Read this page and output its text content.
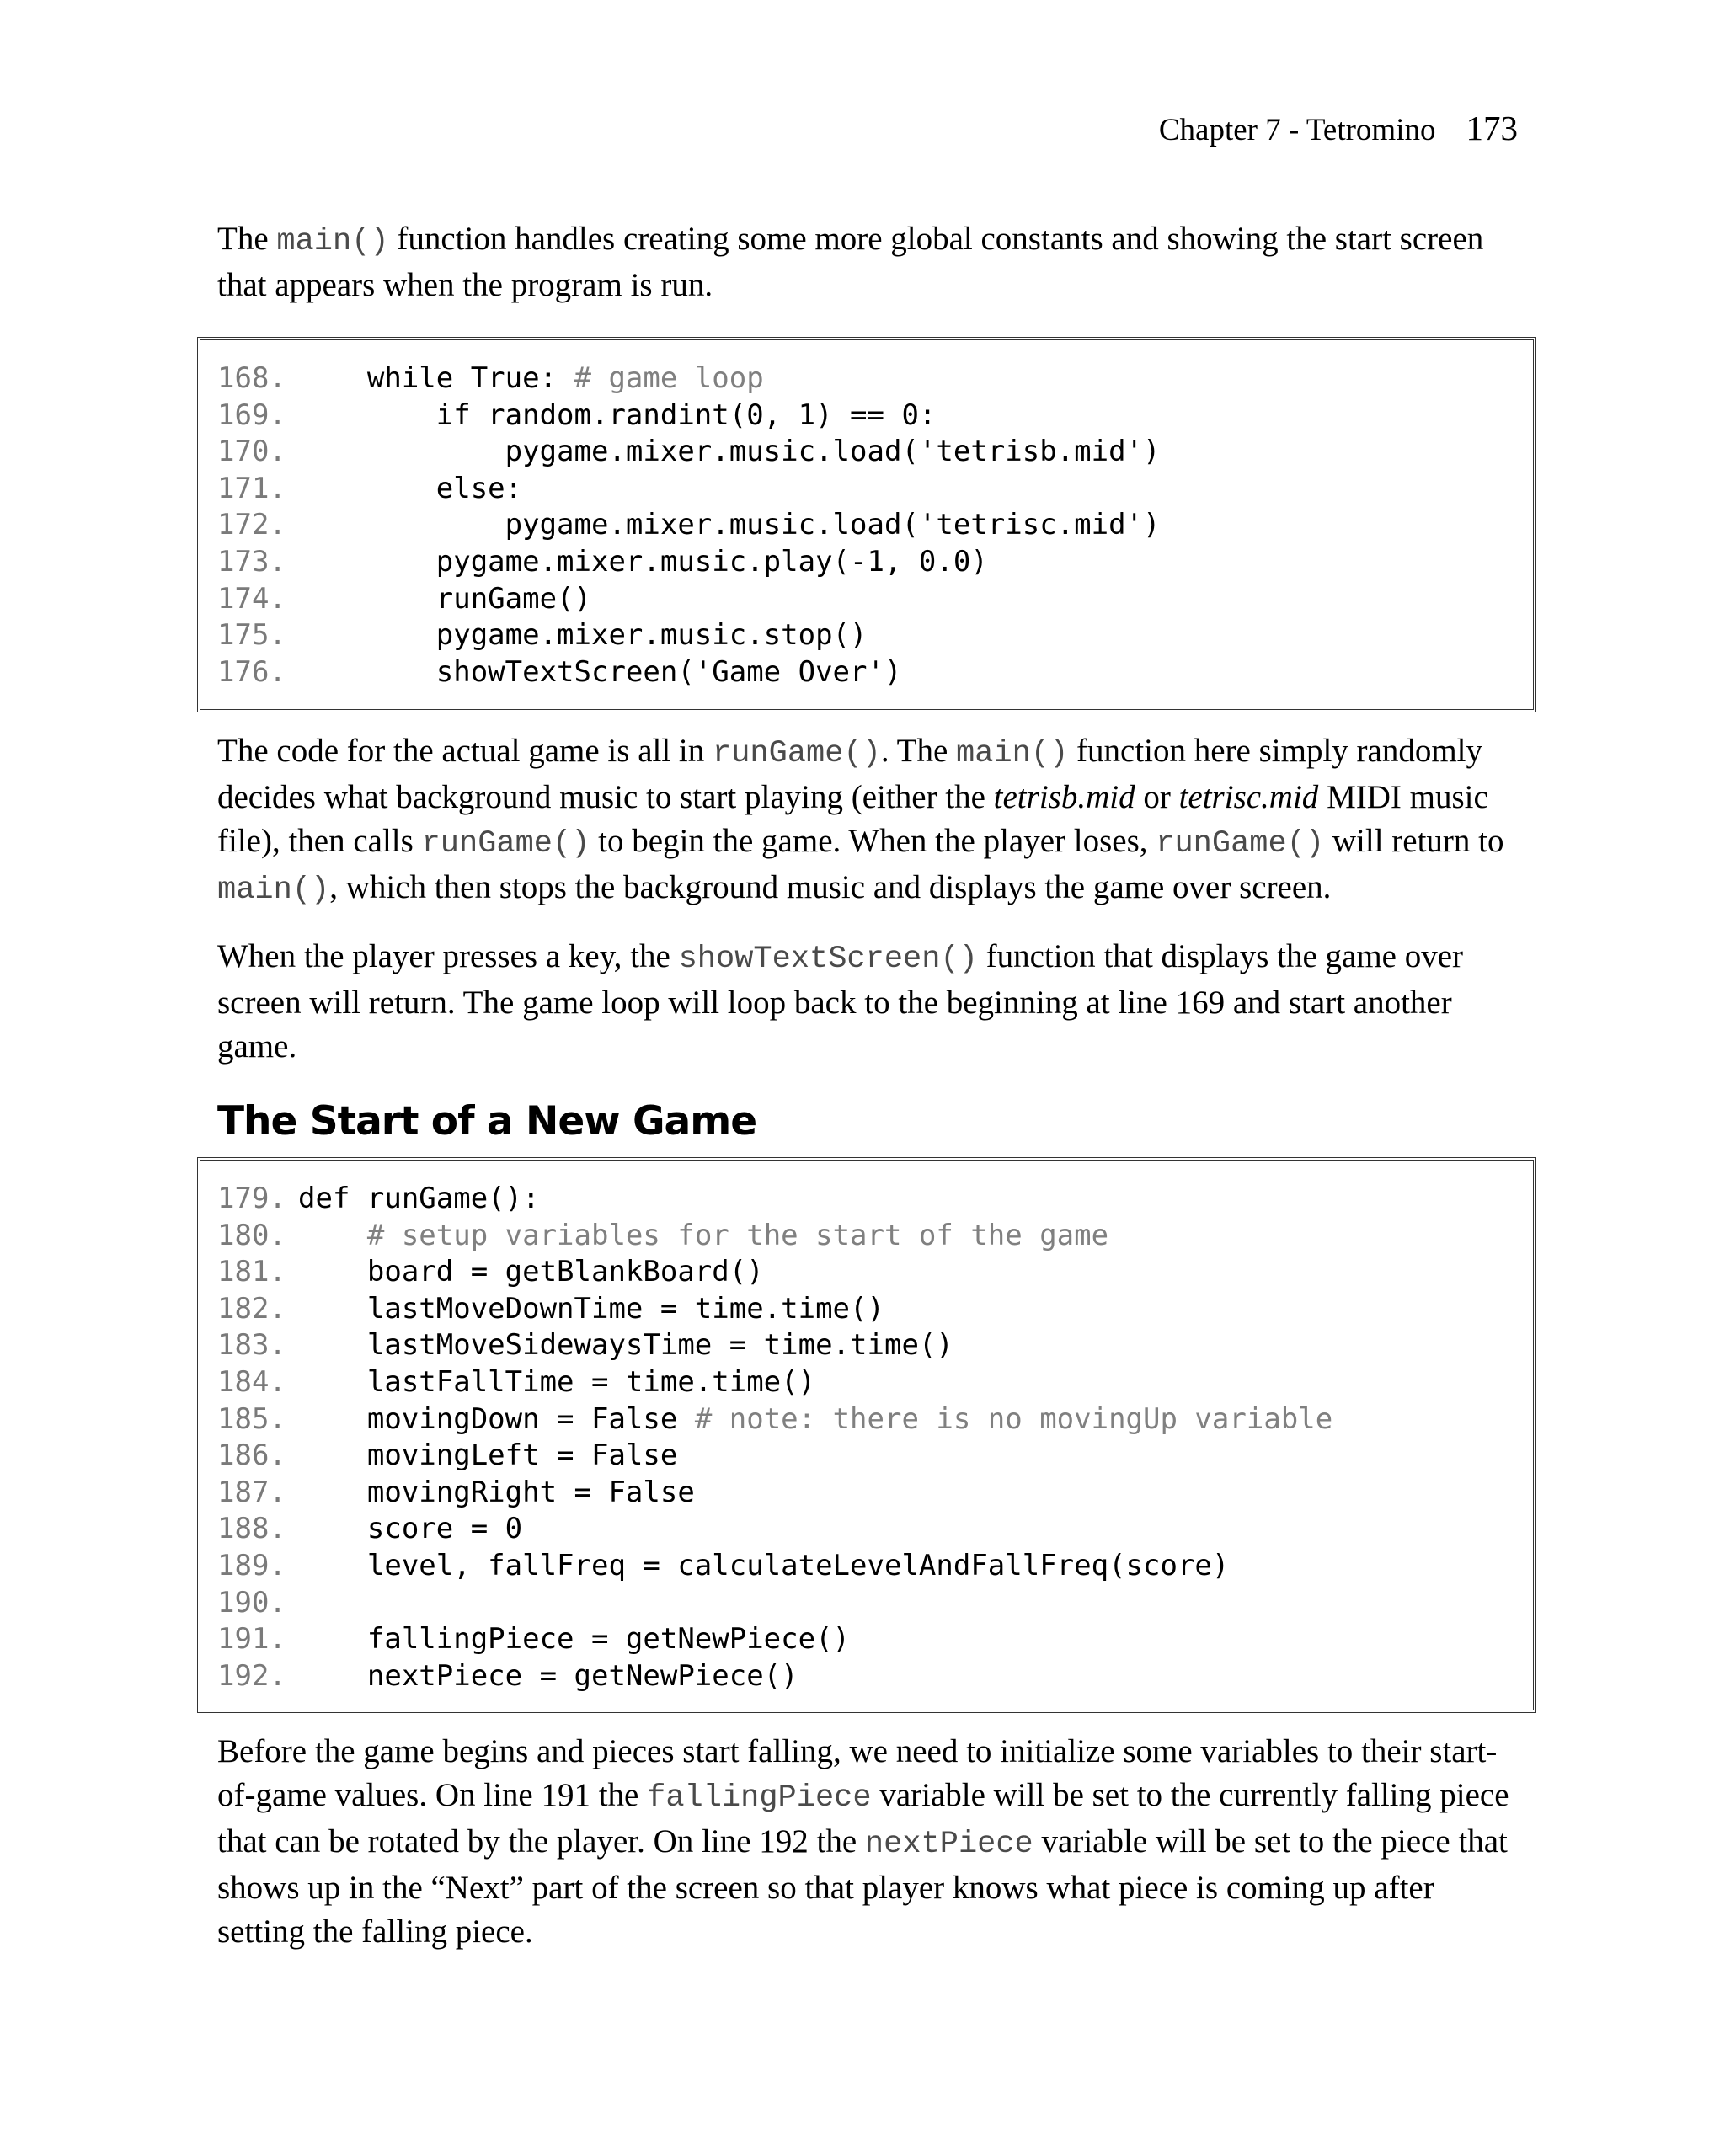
Chapter 7 - Tetromino 173

The main() function handles creating some more global constants and showing the start screen that appears when the program is run.

168. while True: # game loop
169. if random.randint(0, 1) == 0:
170. pygame.mixer.music.load('tetrisb.mid')
171. else:
172. pygame.mixer.music.load('tetrisc.mid')
173. pygame.mixer.music.play(-1, 0.0)
174. runGame()
175. pygame.mixer.music.stop()
176. showTextScreen('Game Over')

The code for the actual game is all in runGame(). The main() function here simply randomly decides what background music to start playing (either the tetrisb.mid or tetrisc.mid MIDI music file), then calls runGame() to begin the game. When the player loses, runGame() will return to main(), which then stops the background music and displays the game over screen.

When the player presses a key, the showTextScreen() function that displays the game over screen will return. The game loop will loop back to the beginning at line 169 and start another game.

The Start of a New Game
179. def runGame():
180.	# setup variables for the start of the game
181. board = getBlankBoard()
182. lastMoveDownTime = time.time()
183. lastMoveSidewaysTime = time.time()
184. lastFallTime = time.time()
185. movingDown = False # note: there is no movingUp variable
186. movingLeft = False
187. movingRight = False
188. score = 0
189. level, fallFreq = calculateLevelAndFallFreq(score)
190.
191. fallingPiece = getNewPiece()
192. nextPiece = getNewPiece()

Before the game begins and pieces start falling, we need to initialize some variables to their start-of-game values. On line 191 the fallingPiece variable will be set to the currently falling piece that can be rotated by the player. On line 192 the nextPiece variable will be set to the piece that shows up in the “Next” part of the screen so that player knows what piece is coming up after setting the falling piece.
